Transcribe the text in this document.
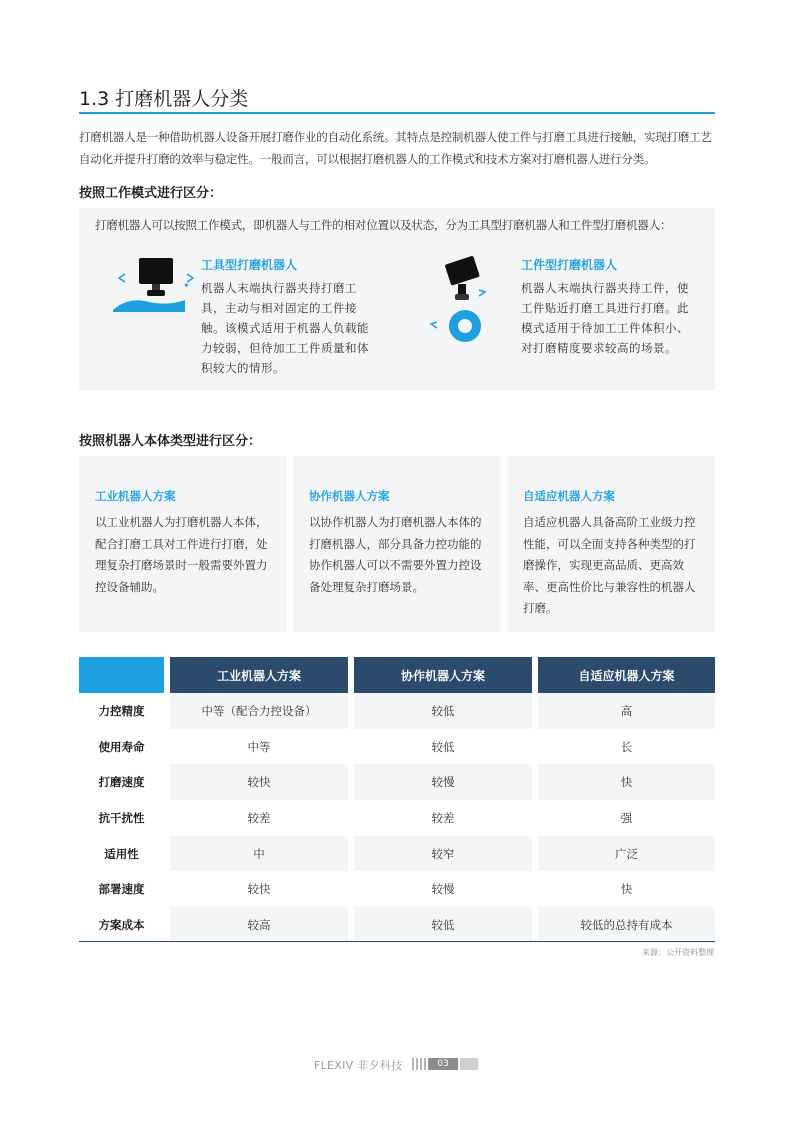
1.3 打磨机器人分类

打磨机器人是一种借助机器人设备开展打磨作业的自动化系统。其特点是控制机器人使工件与打磨工具进行接触，实现打磨工艺自动化并提升打磨的效率与稳定性。一般而言，可以根据打磨机器人的工作模式和技术方案对打磨机器人进行分类。

按照工作模式进行区分：

打磨机器人可以按照工作模式，即机器人与工件的相对位置以及状态，分为工具型打磨机器人和工件型打磨机器人：

✦
工具型打磨机器人
机器人末端执行器夹持打磨工具，主动与相对固定的工件接触。该模式适用于机器人负载能力较弱，但待加工工件质量和体积较大的情形。
工件型打磨机器人
机器人末端执行器夹持工件，使工件贴近打磨工具进行打磨。此模式适用于待加工工件体积小、对打磨精度要求较高的场景。
按照机器人本体类型进行区分：
工业机器人方案
以工业机器人为打磨机器人本体，配合打磨工具对工件进行打磨，处理复杂打磨场景时一般需要外置力控设备辅助。
协作机器人方案
以协作机器人为打磨机器人本体的打磨机器人，部分具备力控功能的协作机器人可以不需要外置力控设备处理复杂打磨场景。
自适应机器人方案
自适应机器人具备高阶工业级力控性能，可以全面支持各种类型的打磨操作，实现更高品质、更高效率、更高性价比与兼容性的机器人打磨。
工业机器人方案	协作机器人方案	自适应机器人方案
力控精度	中等（配合力控设备）	较低	高
使用寿命	中等	较低	长
打磨速度	较快	较慢	快
抗干扰性	较差	较差	强
适用性	中	较窄	广泛
部署速度	较快	较慢	快
方案成本	较高	较低	较低的总持有成本
来源：公开资料整理
FLEXIV 非夕科技	03
